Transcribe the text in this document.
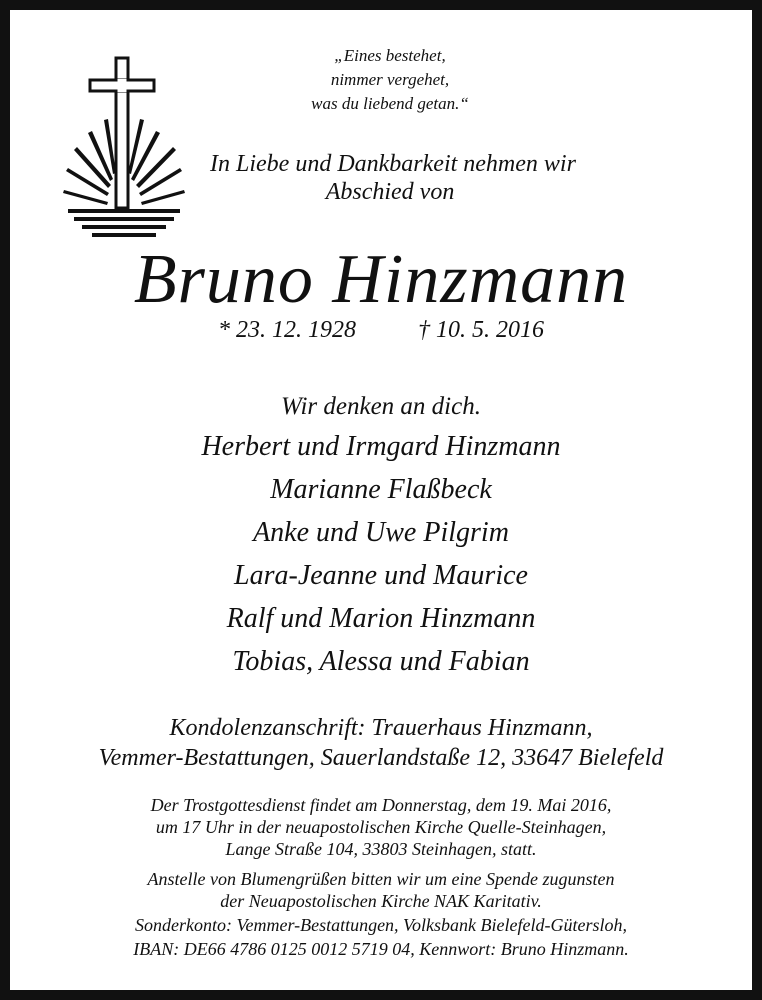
„Eines bestehet,
nimmer vergehet,
was du liebend getan.“
In Liebe und Dankbarkeit nehmen wir
Abschied von
Bruno Hinzmann
* 23. 12. 1928	† 10. 5. 2016
Wir denken an dich.
Herbert und Irmgard Hinzmann
Marianne Flaßbeck
Anke und Uwe Pilgrim
Lara-Jeanne und Maurice
Ralf und Marion Hinzmann
Tobias, Alessa und Fabian
Kondolenzanschrift: Trauerhaus Hinzmann,
Vemmer-Bestattungen, Sauerlandstaße 12, 33647 Bielefeld
Der Trostgottesdienst findet am Donnerstag, dem 19. Mai 2016,
um 17 Uhr in der neuapostolischen Kirche Quelle-Steinhagen,
Lange Straße 104, 33803 Steinhagen, statt.
Anstelle von Blumengrüßen bitten wir um eine Spende zugunsten
der Neuapostolischen Kirche NAK Karitativ.
Sonderkonto: Vemmer-Bestattungen, Volksbank Bielefeld-Gütersloh,
IBAN: DE66 4786 0125 0012 5719 04, Kennwort: Bruno Hinzmann.
